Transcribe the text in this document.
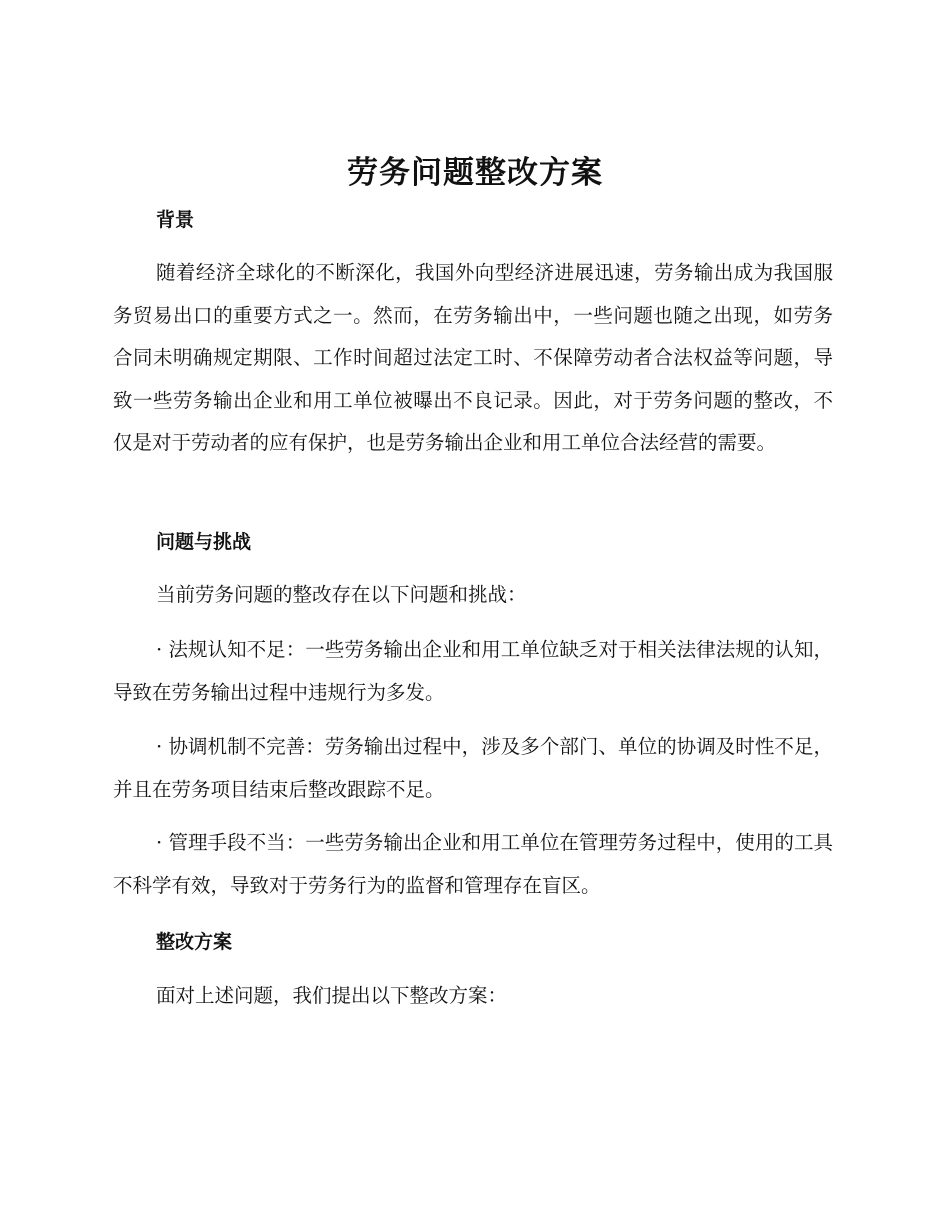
劳务问题整改方案
背景

随着经济全球化的不断深化，我国外向型经济进展迅速，劳务输出成为我国服务贸易出口的重要方式之一。然而，在劳务输出中，一些问题也随之出现，如劳务合同未明确规定期限、工作时间超过法定工时、不保障劳动者合法权益等问题，导致一些劳务输出企业和用工单位被曝出不良记录。因此，对于劳务问题的整改，不仅是对于劳动者的应有保护，也是劳务输出企业和用工单位合法经营的需要。

问题与挑战

当前劳务问题的整改存在以下问题和挑战：

· 法规认知不足：一些劳务输出企业和用工单位缺乏对于相关法律法规的认知，导致在劳务输出过程中违规行为多发。

· 协调机制不完善：劳务输出过程中，涉及多个部门、单位的协调及时性不足，并且在劳务项目结束后整改跟踪不足。

· 管理手段不当：一些劳务输出企业和用工单位在管理劳务过程中，使用的工具不科学有效，导致对于劳务行为的监督和管理存在盲区。

整改方案

面对上述问题，我们提出以下整改方案：
